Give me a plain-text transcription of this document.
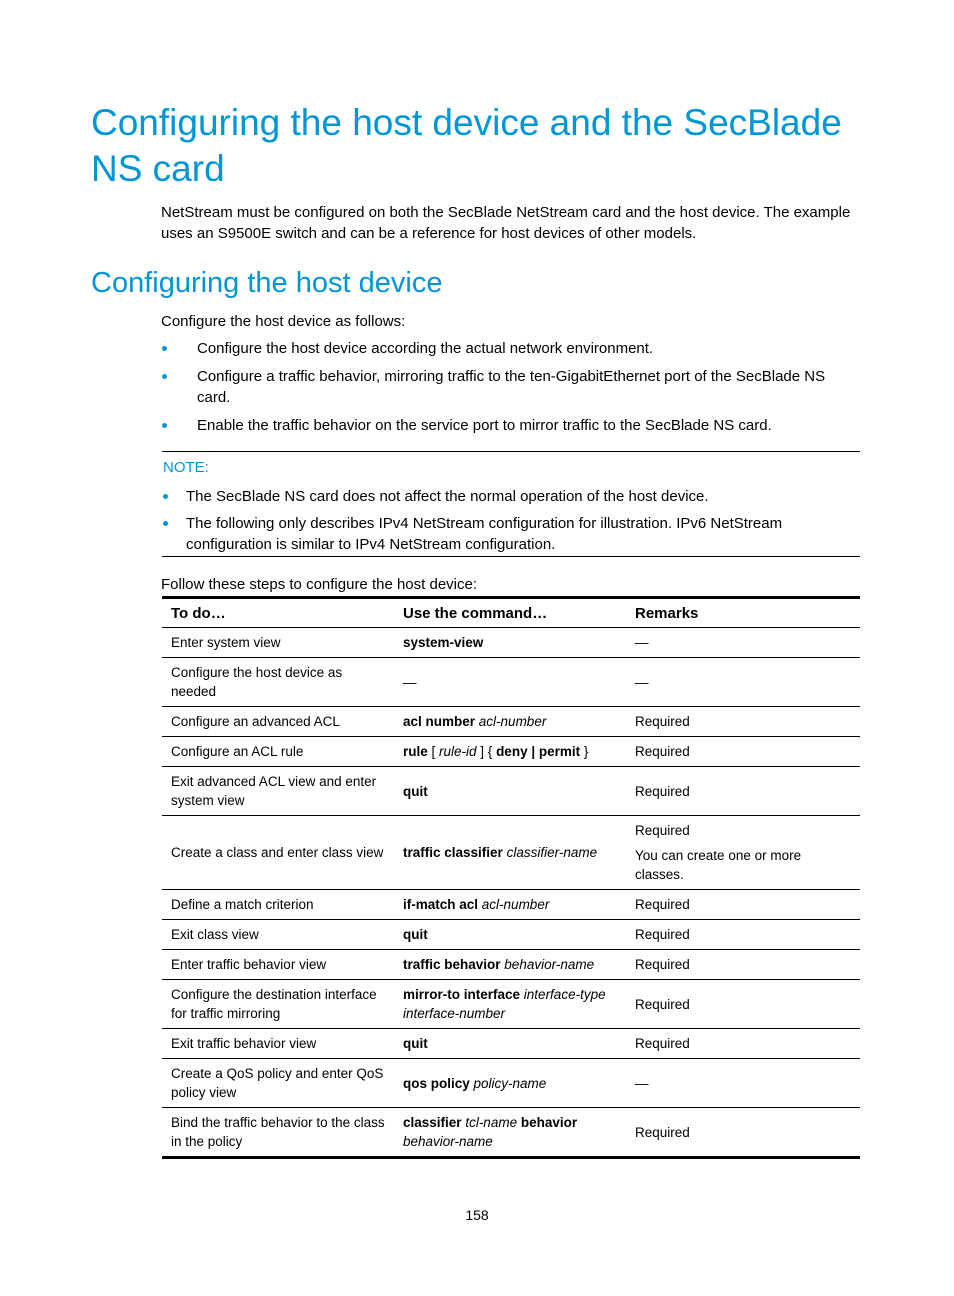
Configuring the host device and the SecBlade NS card
NetStream must be configured on both the SecBlade NetStream card and the host device. The example uses an S9500E switch and can be a reference for host devices of other models.
Configuring the host device
Configure the host device as follows:
Configure the host device according the actual network environment.
Configure a traffic behavior, mirroring traffic to the ten-GigabitEthernet port of the SecBlade NS card.
Enable the traffic behavior on the service port to mirror traffic to the SecBlade NS card.
NOTE:
The SecBlade NS card does not affect the normal operation of the host device.
The following only describes IPv4 NetStream configuration for illustration. IPv6 NetStream configuration is similar to IPv4 NetStream configuration.
Follow these steps to configure the host device:
To do…	Use the command…	Remarks
Enter system view	system-view	—

Configure the host device as needed	—	—

Configure an advanced ACL	acl number acl-number	Required

Configure an ACL rule	rule [ rule-id ] { deny | permit }	Required

Exit advanced ACL view and enter system view	quit	Required

Create a class and enter class view	traffic classifier classifier-name	Required
You can create one or more classes.

Define a match criterion	if-match acl acl-number	Required

Exit class view	quit	Required

Enter traffic behavior view	traffic behavior behavior-name	Required

Configure the destination interface for traffic mirroring	mirror-to interface interface-type interface-number	Required

Exit traffic behavior view	quit	Required

Create a QoS policy and enter QoS policy view	qos policy policy-name	—

Bind the traffic behavior to the class in the policy	classifier tcl-name behavior behavior-name	Required
158
